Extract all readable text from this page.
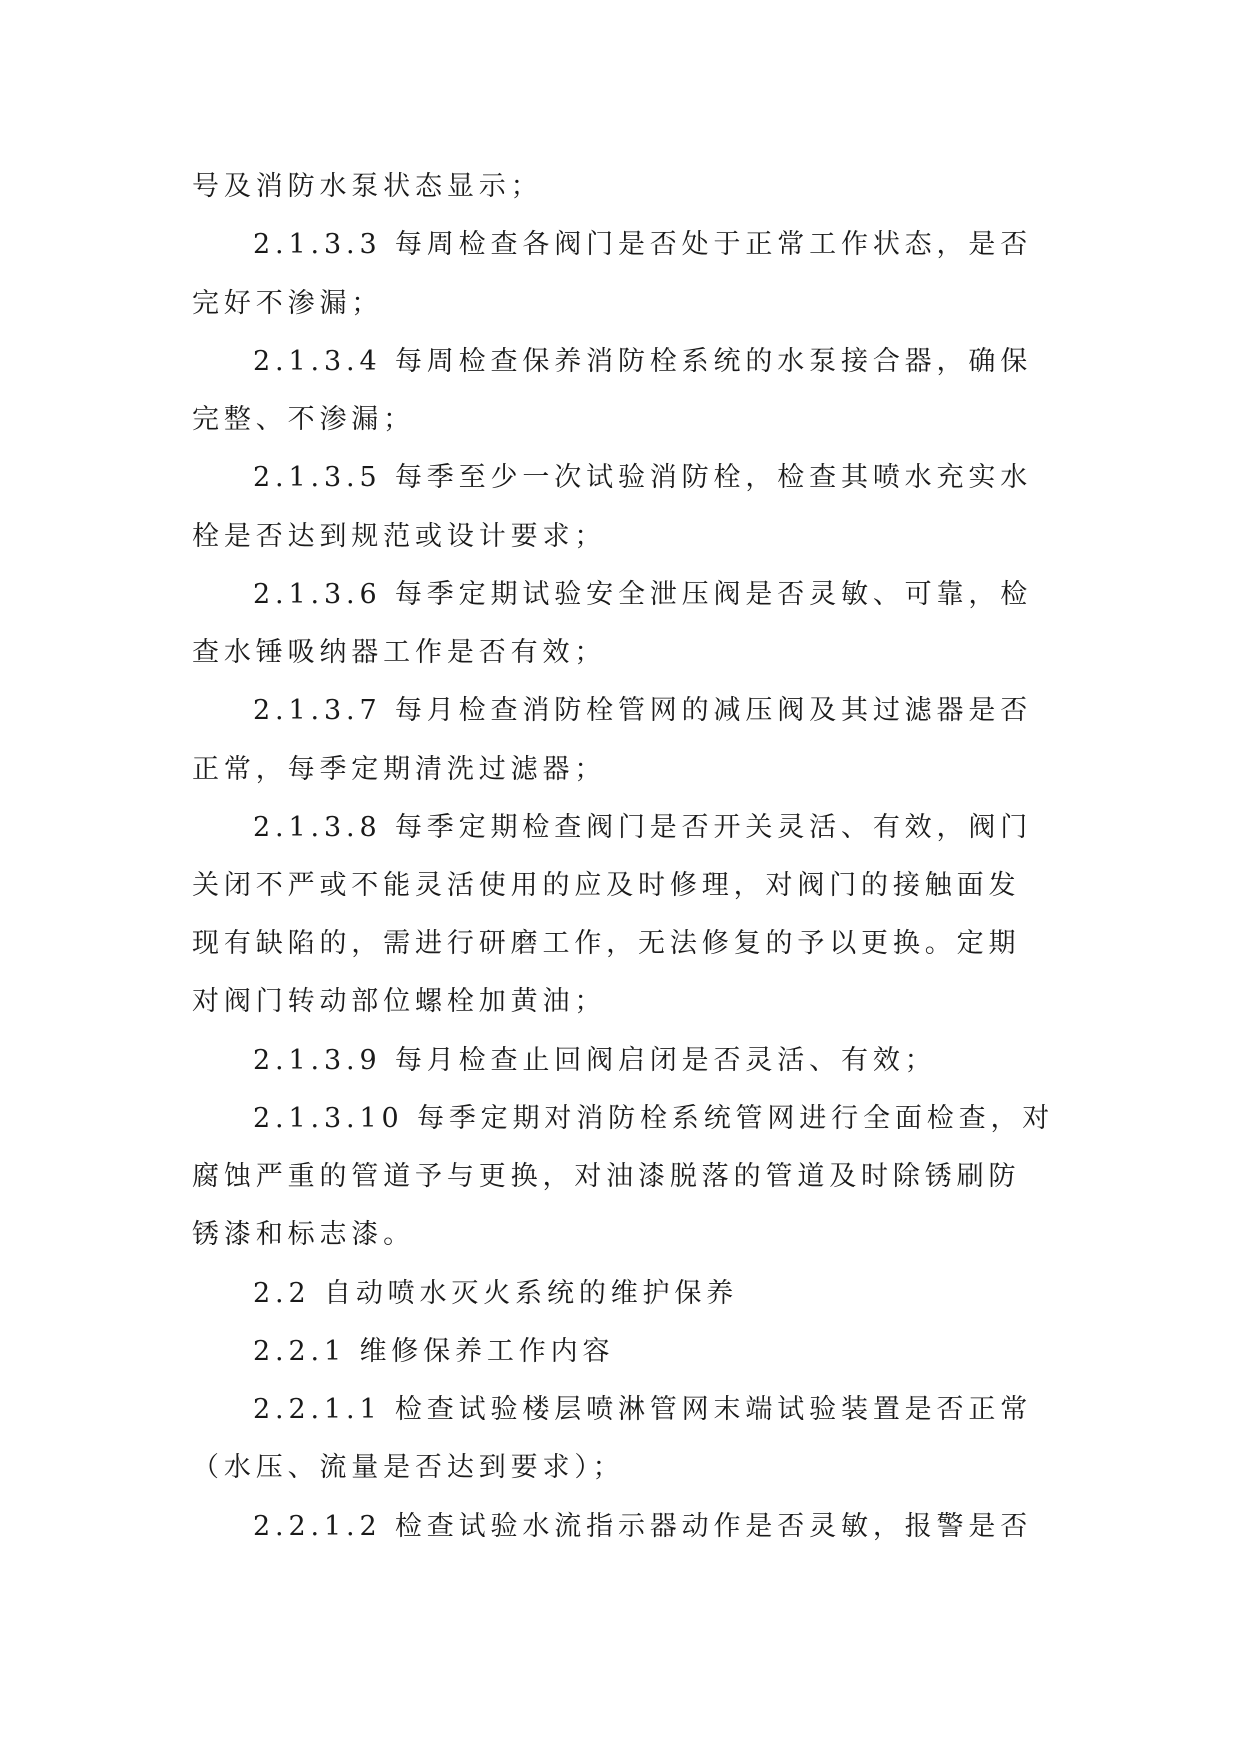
号及消防水泵状态显示；
2.1.3.3 每周检查各阀门是否处于正常工作状态，是否
完好不渗漏；
2.1.3.4 每周检查保养消防栓系统的水泵接合器，确保
完整、不渗漏；
2.1.3.5 每季至少一次试验消防栓，检查其喷水充实水
栓是否达到规范或设计要求；
2.1.3.6 每季定期试验安全泄压阀是否灵敏、可靠，检
查水锤吸纳器工作是否有效；
2.1.3.7 每月检查消防栓管网的减压阀及其过滤器是否
正常，每季定期清洗过滤器；
2.1.3.8 每季定期检查阀门是否开关灵活、有效，阀门
关闭不严或不能灵活使用的应及时修理，对阀门的接触面发
现有缺陷的，需进行研磨工作，无法修复的予以更换。定期
对阀门转动部位螺栓加黄油；
2.1.3.9 每月检查止回阀启闭是否灵活、有效；
2.1.3.10 每季定期对消防栓系统管网进行全面检查，对
腐蚀严重的管道予与更换，对油漆脱落的管道及时除锈刷防
锈漆和标志漆。
2.2 自动喷水灭火系统的维护保养
2.2.1 维修保养工作内容
2.2.1.1 检查试验楼层喷淋管网末端试验装置是否正常
（水压、流量是否达到要求）；
2.2.1.2 检查试验水流指示器动作是否灵敏，报警是否
